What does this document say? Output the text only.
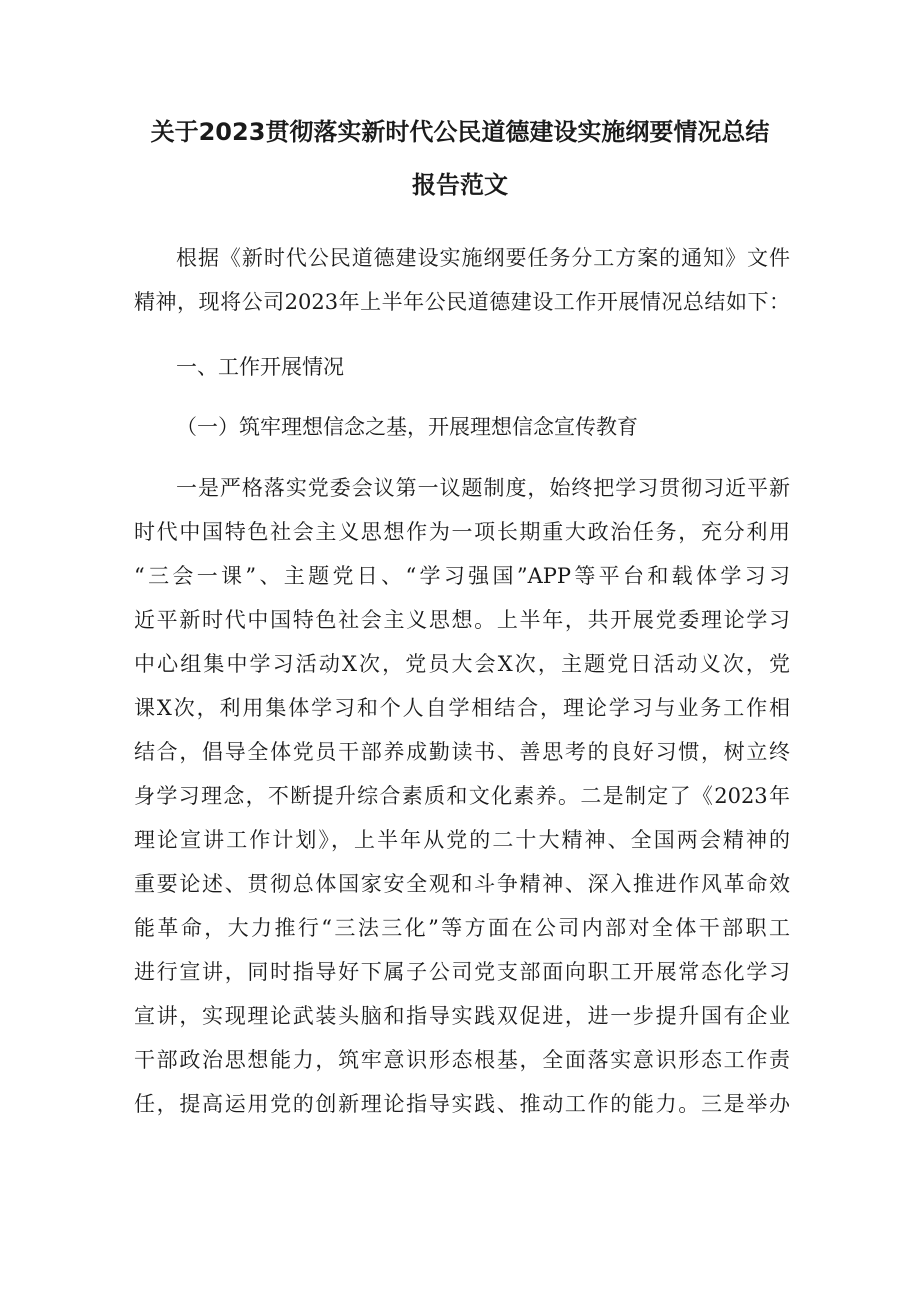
关于2023贯彻落实新时代公民道德建设实施纲要情况总结
报告范文
根据《新时代公民道德建设实施纲要任务分工方案的通知》文件
精神，现将公司2023年上半年公民道德建设工作开展情况总结如下：
一、工作开展情况
（一）筑牢理想信念之基，开展理想信念宣传教育
一是严格落实党委会议第一议题制度，始终把学习贯彻习近平新
时代中国特色社会主义思想作为一项长期重大政治任务，充分利用
“三会一课”、主题党日、“学习强国”APP等平台和载体学习习
近平新时代中国特色社会主义思想。上半年，共开展党委理论学习
中心组集中学习活动X次，党员大会X次，主题党日活动义次，党
课X次，利用集体学习和个人自学相结合，理论学习与业务工作相
结合，倡导全体党员干部养成勤读书、善思考的良好习惯，树立终
身学习理念，不断提升综合素质和文化素养。二是制定了《2023年
理论宣讲工作计划》，上半年从党的二十大精神、全国两会精神的
重要论述、贯彻总体国家安全观和斗争精神、深入推进作风革命效
能革命，大力推行“三法三化”等方面在公司内部对全体干部职工
进行宣讲，同时指导好下属子公司党支部面向职工开展常态化学习
宣讲，实现理论武装头脑和指导实践双促进，进一步提升国有企业
干部政治思想能力，筑牢意识形态根基，全面落实意识形态工作责
任，提高运用党的创新理论指导实践、推动工作的能力。三是举办
